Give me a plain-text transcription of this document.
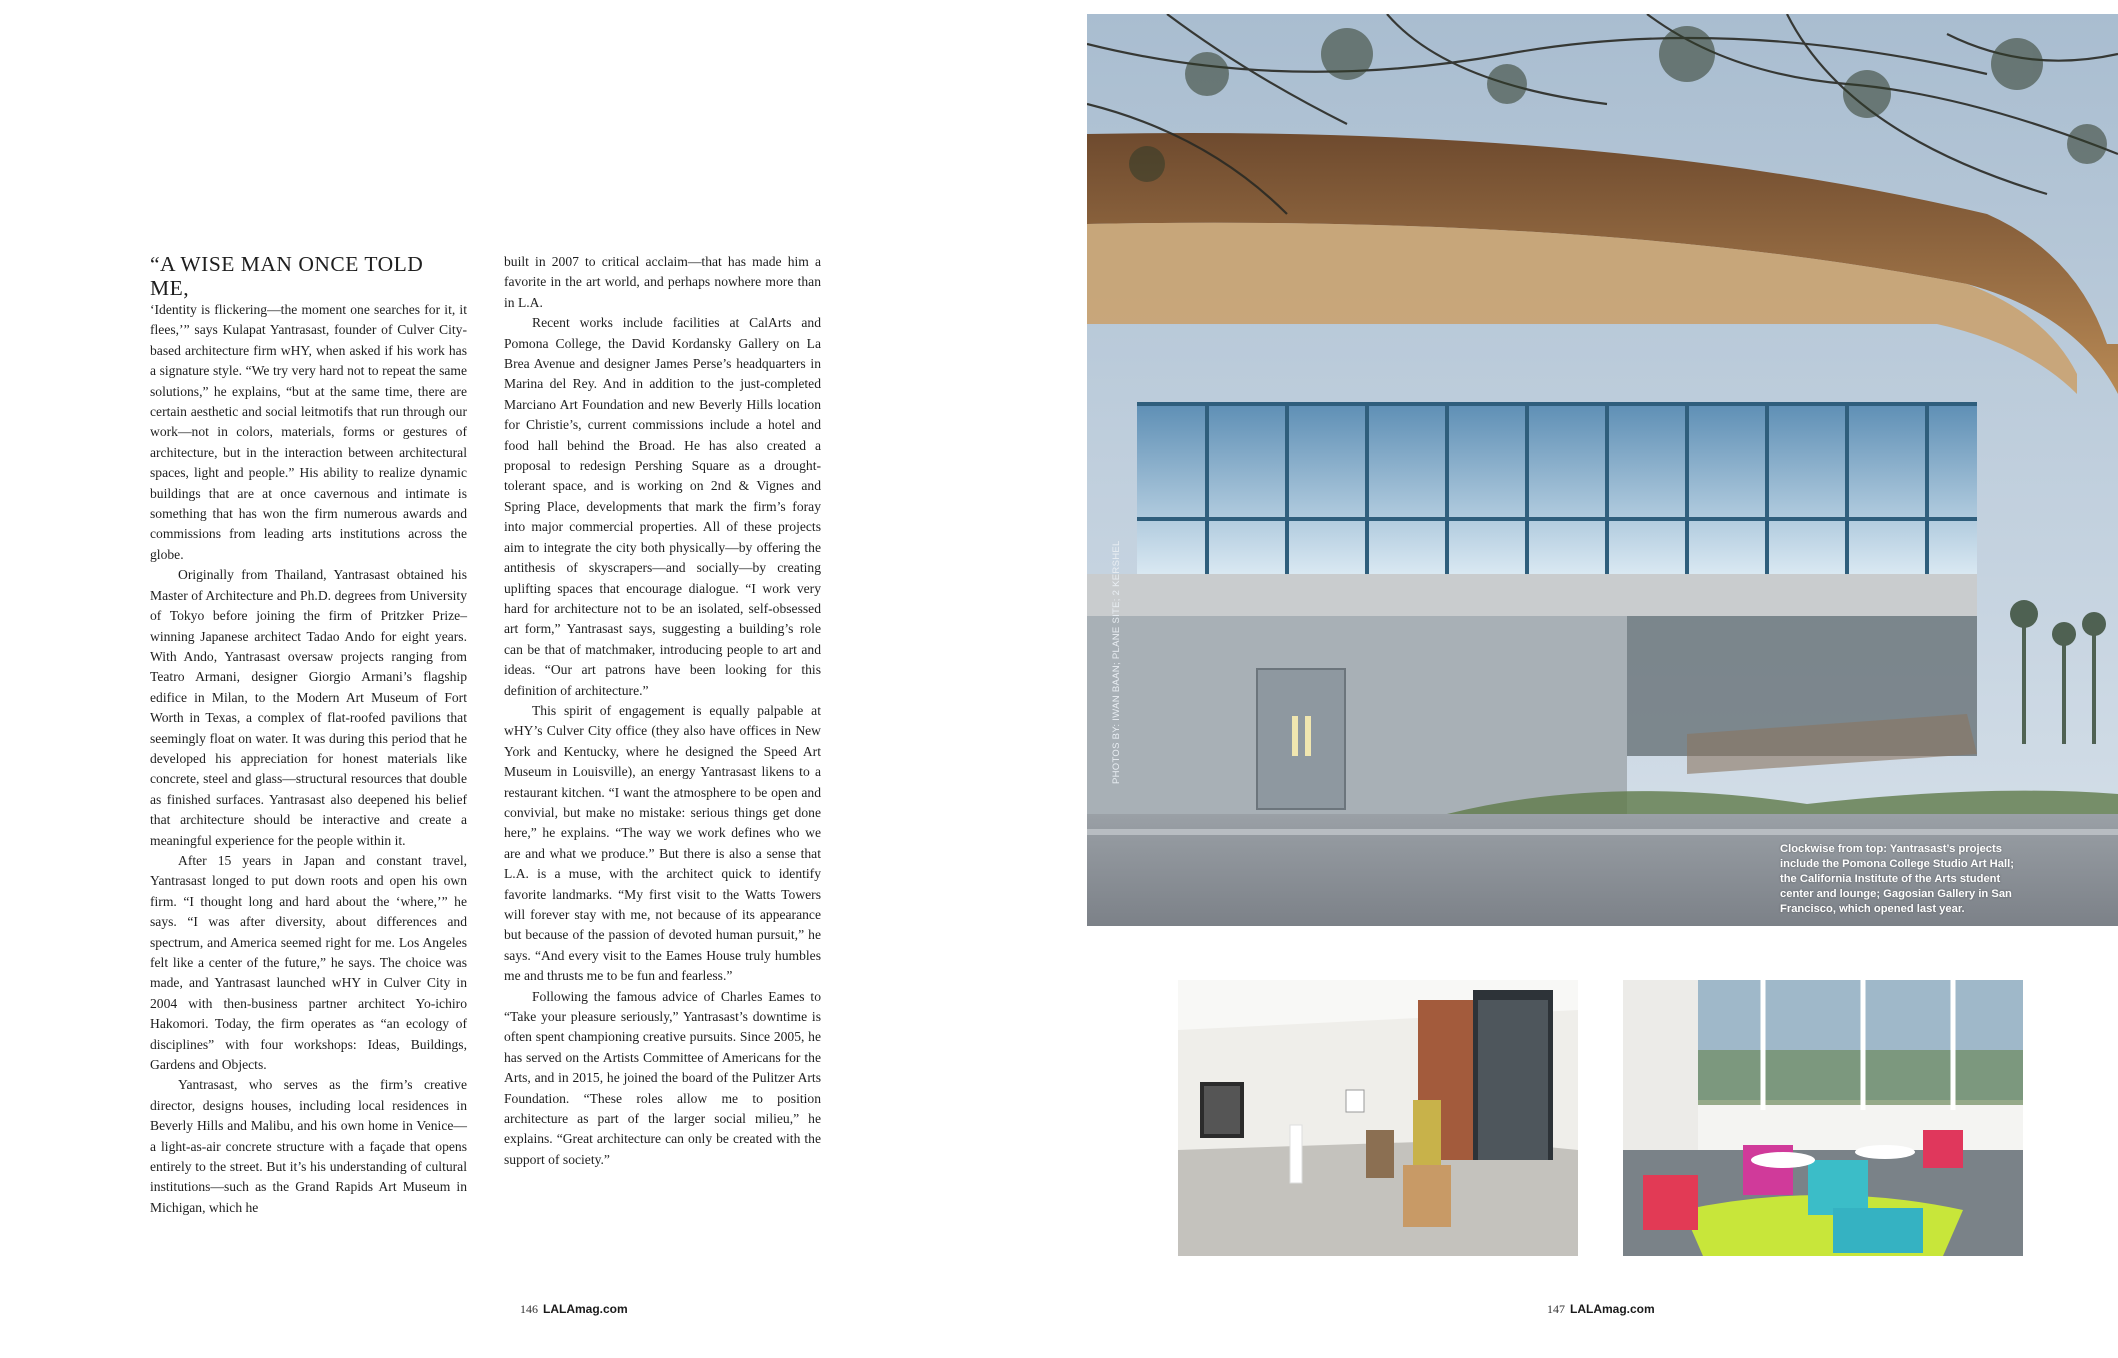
“A WISE MAN ONCE TOLD ME,
‘Identity is flickering—the moment one searches for it, it flees,’” says Kulapat Yantrasast, founder of Culver City-based architecture firm wHY, when asked if his work has a signature style. “We try very hard not to repeat the same solutions,” he explains, “but at the same time, there are certain aesthetic and social leitmotifs that run through our work—not in colors, materials, forms or gestures of architecture, but in the interaction between architectural spaces, light and people.” His ability to realize dynamic buildings that are at once cavernous and intimate is something that has won the firm numerous awards and commissions from leading arts institutions across the globe.

Originally from Thailand, Yantrasast obtained his Master of Architecture and Ph.D. degrees from University of Tokyo before joining the firm of Pritzker Prize–winning Japanese architect Tadao Ando for eight years. With Ando, Yantrasast oversaw projects ranging from Teatro Armani, designer Giorgio Armani’s flagship edifice in Milan, to the Modern Art Museum of Fort Worth in Texas, a complex of flat-roofed pavilions that seemingly float on water. It was during this period that he developed his appreciation for honest materials like concrete, steel and glass—structural resources that double as finished surfaces. Yantrasast also deepened his belief that architecture should be interactive and create a meaningful experience for the people within it.

After 15 years in Japan and constant travel, Yantrasast longed to put down roots and open his own firm. “I thought long and hard about the ‘where,’” he says. “I was after diversity, about differences and spectrum, and America seemed right for me. Los Angeles felt like a center of the future,” he says. The choice was made, and Yantrasast launched wHY in Culver City in 2004 with then-business partner architect Yo-ichiro Hakomori. Today, the firm operates as “an ecology of disciplines” with four workshops: Ideas, Buildings, Gardens and Objects.

Yantrasast, who serves as the firm’s creative director, designs houses, including local residences in Beverly Hills and Malibu, and his own home in Venice—a light-as-air concrete structure with a façade that opens entirely to the street. But it’s his understanding of cultural institutions—such as the Grand Rapids Art Museum in Michigan, which he

built in 2007 to critical acclaim—that has made him a favorite in the art world, and perhaps nowhere more than in L.A.

Recent works include facilities at CalArts and Pomona College, the David Kordansky Gallery on La Brea Avenue and designer James Perse’s headquarters in Marina del Rey. And in addition to the just-completed Marciano Art Foundation and new Beverly Hills location for Christie’s, current commissions include a hotel and food hall behind the Broad. He has also created a proposal to redesign Pershing Square as a drought-tolerant space, and is working on 2nd & Vignes and Spring Place, developments that mark the firm’s foray into major commercial properties. All of these projects aim to integrate the city both physically—by offering the antithesis of skyscrapers—and socially—by creating uplifting spaces that encourage dialogue. “I work very hard for architecture not to be an isolated, self-obsessed art form,” Yantrasast says, suggesting a building’s role can be that of matchmaker, introducing people to art and ideas. “Our art patrons have been looking for this definition of architecture.”

This spirit of engagement is equally palpable at wHY’s Culver City office (they also have offices in New York and Kentucky, where he designed the Speed Art Museum in Louisville), an energy Yantrasast likens to a restaurant kitchen. “I want the atmosphere to be open and convivial, but make no mistake: serious things get done here,” he explains. “The way we work defines who we are and what we produce.” But there is also a sense that L.A. is a muse, with the architect quick to identify favorite landmarks. “My first visit to the Watts Towers will forever stay with me, not because of its appearance but because of the passion of devoted human pursuit,” he says. “And every visit to the Eames House truly humbles me and thrusts me to be fun and fearless.”

Following the famous advice of Charles Eames to “Take your pleasure seriously,” Yantrasast’s downtime is often spent championing creative pursuits. Since 2005, he has served on the Artists Committee of Americans for the Arts, and in 2015, he joined the board of the Pulitzer Arts Foundation. “These roles allow me to position architecture as part of the larger social milieu,” he explains. “Great architecture can only be created with the support of society.”

146 LALAmag.com
PHOTOS BY: IWAN BAAN; PLANE SITE; 2 KERSHEL
Clockwise from top: Yantrasast’s projects include the Pomona College Studio Art Hall; the California Institute of the Arts student center and lounge; Gagosian Gallery in San Francisco, which opened last year.
147 LALAmag.com
